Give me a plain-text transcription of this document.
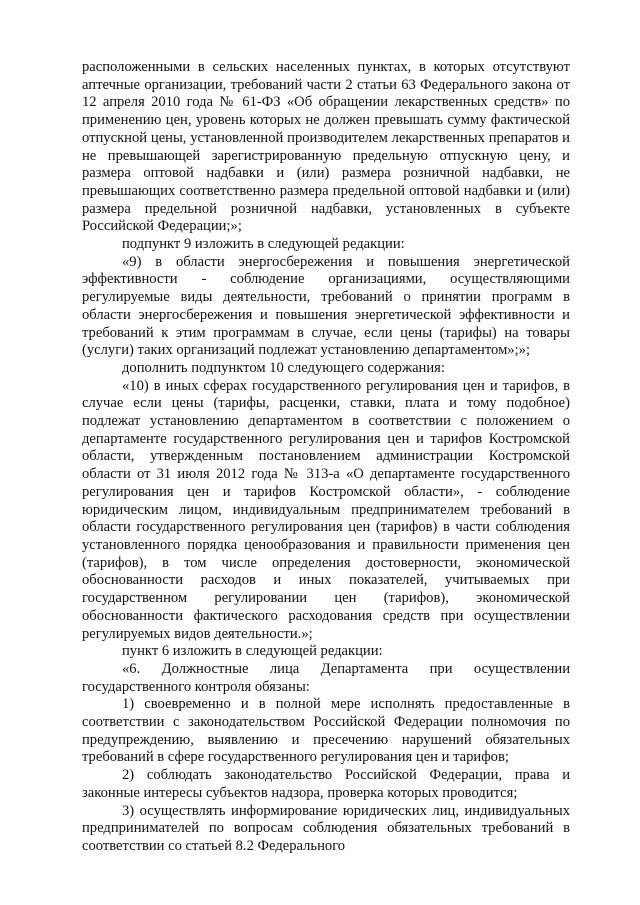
расположенными в сельских населенных пунктах, в которых отсутствуют аптечные организации, требований части 2 статьи 63 Федерального закона от 12 апреля 2010 года № 61-ФЗ «Об обращении лекарственных средств» по применению цен, уровень которых не должен превышать сумму фактической отпускной цены, установленной производителем лекарственных препаратов и не превышающей зарегистрированную предельную отпускную цену, и размера оптовой надбавки и (или) размера розничной надбавки, не превышающих соответственно размера предельной оптовой надбавки и (или) размера предельной розничной надбавки, установленных в субъекте Российской Федерации;»;

подпункт 9 изложить в следующей редакции:

«9) в области энергосбережения и повышения энергетической эффективности - соблюдение организациями, осуществляющими регулируемые виды деятельности, требований о принятии программ в области энергосбережения и повышения энергетической эффективности и требований к этим программам в случае, если цены (тарифы) на товары (услуги) таких организаций подлежат установлению департаментом»;»;

дополнить подпунктом 10 следующего содержания:

«10) в иных сферах государственного регулирования цен и тарифов, в случае если цены (тарифы, расценки, ставки, плата и тому подобное) подлежат установлению департаментом в соответствии с положением о департаменте государственного регулирования цен и тарифов Костромской области, утвержденным постановлением администрации Костромской области от 31 июля 2012 года № 313-а «О департаменте государственного регулирования цен и тарифов Костромской области», - соблюдение юридическим лицом, индивидуальным предпринимателем требований в области государственного регулирования цен (тарифов) в части соблюдения установленного порядка ценообразования и правильности применения цен (тарифов), в том числе определения достоверности, экономической обоснованности расходов и иных показателей, учитываемых при государственном регулировании цен (тарифов), экономической обоснованности фактического расходования средств при осуществлении регулируемых видов деятельности.»;

пункт 6 изложить в следующей редакции:

«6. Должностные лица Департамента при осуществлении государственного контроля обязаны:

1) своевременно и в полной мере исполнять предоставленные в соответствии с законодательством Российской Федерации полномочия по предупреждению, выявлению и пресечению нарушений обязательных требований в сфере государственного регулирования цен и тарифов;

2) соблюдать законодательство Российской Федерации, права и законные интересы субъектов надзора, проверка которых проводится;

3) осуществлять информирование юридических лиц, индивидуальных предпринимателей по вопросам соблюдения обязательных требований в соответствии со статьей 8.2 Федерального
